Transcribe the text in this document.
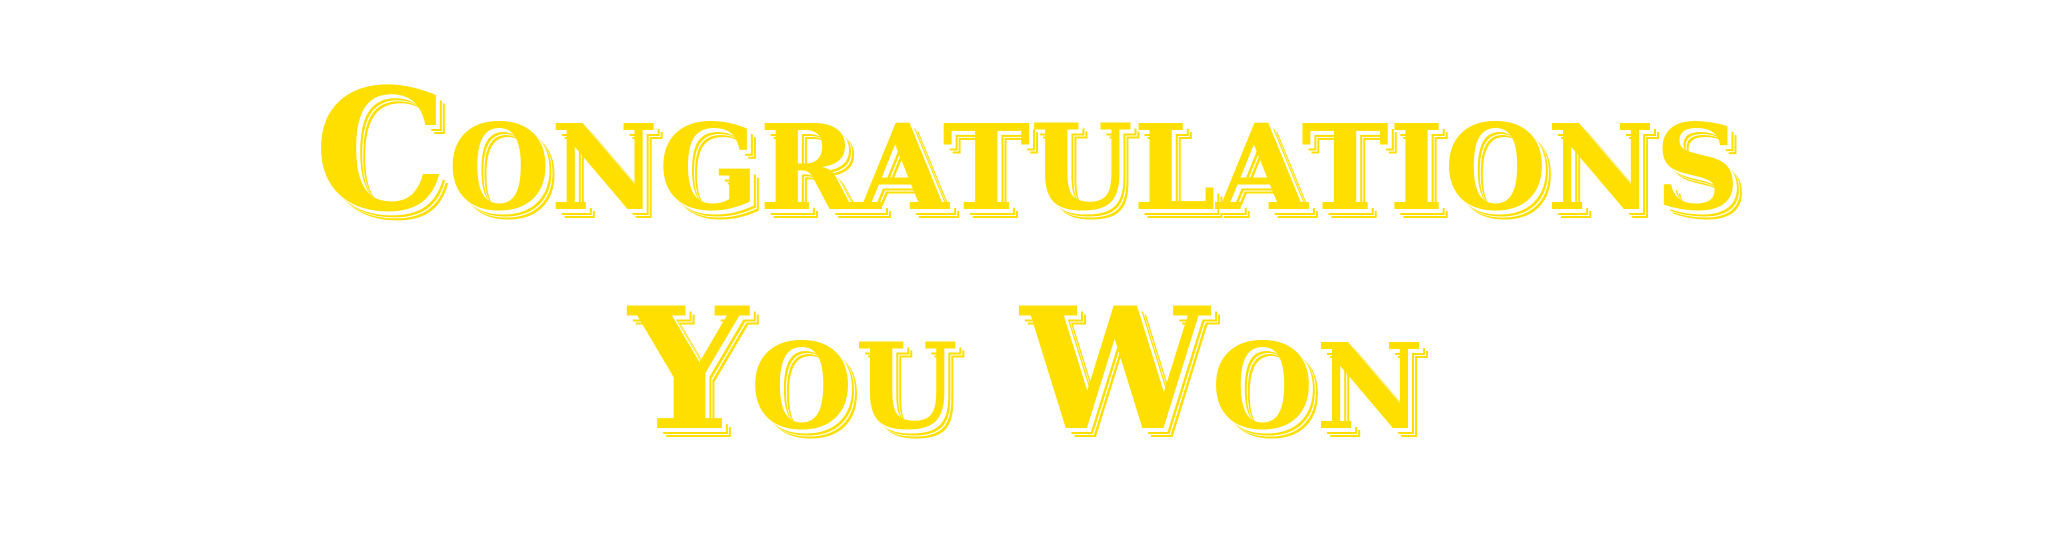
Congratulations
You Won
